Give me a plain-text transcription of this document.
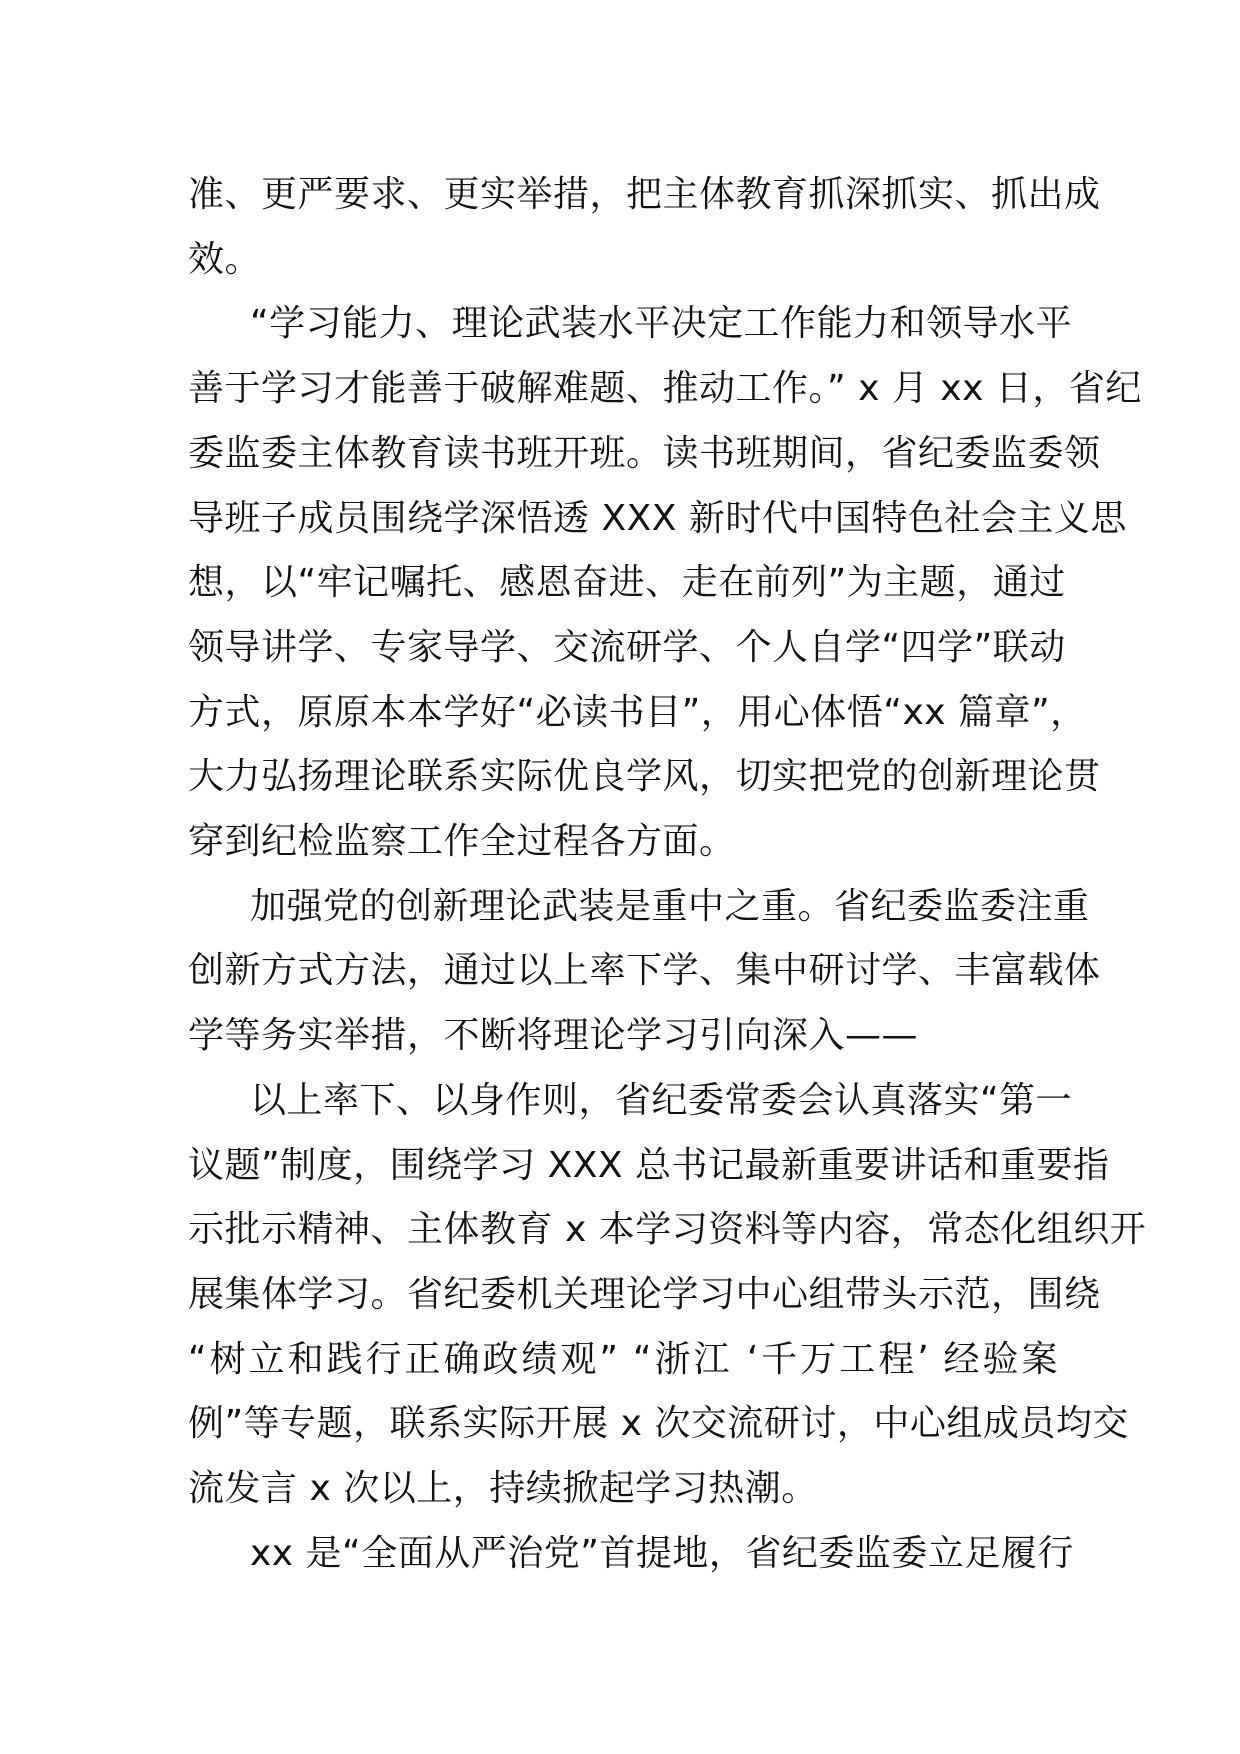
准、更严要求、更实举措，把主体教育抓深抓实、抓出成
效。
“学习能力、理论武装水平决定工作能力和领导水平
善于学习才能善于破解难题、推动工作。” x 月 xx 日，省纪
委监委主体教育读书班开班。读书班期间，省纪委监委领
导班子成员围绕学深悟透 XXX 新时代中国特色社会主义思
想，以“牢记嘱托、感恩奋进、走在前列”为主题，通过
领导讲学、专家导学、交流研学、个人自学“四学”联动
方式，原原本本学好“必读书目”，用心体悟“xx 篇章”，
大力弘扬理论联系实际优良学风，切实把党的创新理论贯
穿到纪检监察工作全过程各方面。
加强党的创新理论武装是重中之重。省纪委监委注重
创新方式方法，通过以上率下学、集中研讨学、丰富载体
学等务实举措，不断将理论学习引向深入——
以上率下、以身作则，省纪委常委会认真落实“第一
议题”制度，围绕学习 XXX 总书记最新重要讲话和重要指
示批示精神、主体教育 x 本学习资料等内容，常态化组织开
展集体学习。省纪委机关理论学习中心组带头示范，围绕
“树立和践行正确政绩观” “浙江 ‘千万工程’ 经验案
例”等专题，联系实际开展 x 次交流研讨，中心组成员均交
流发言 x 次以上，持续掀起学习热潮。
xx 是“全面从严治党”首提地，省纪委监委立足履行
